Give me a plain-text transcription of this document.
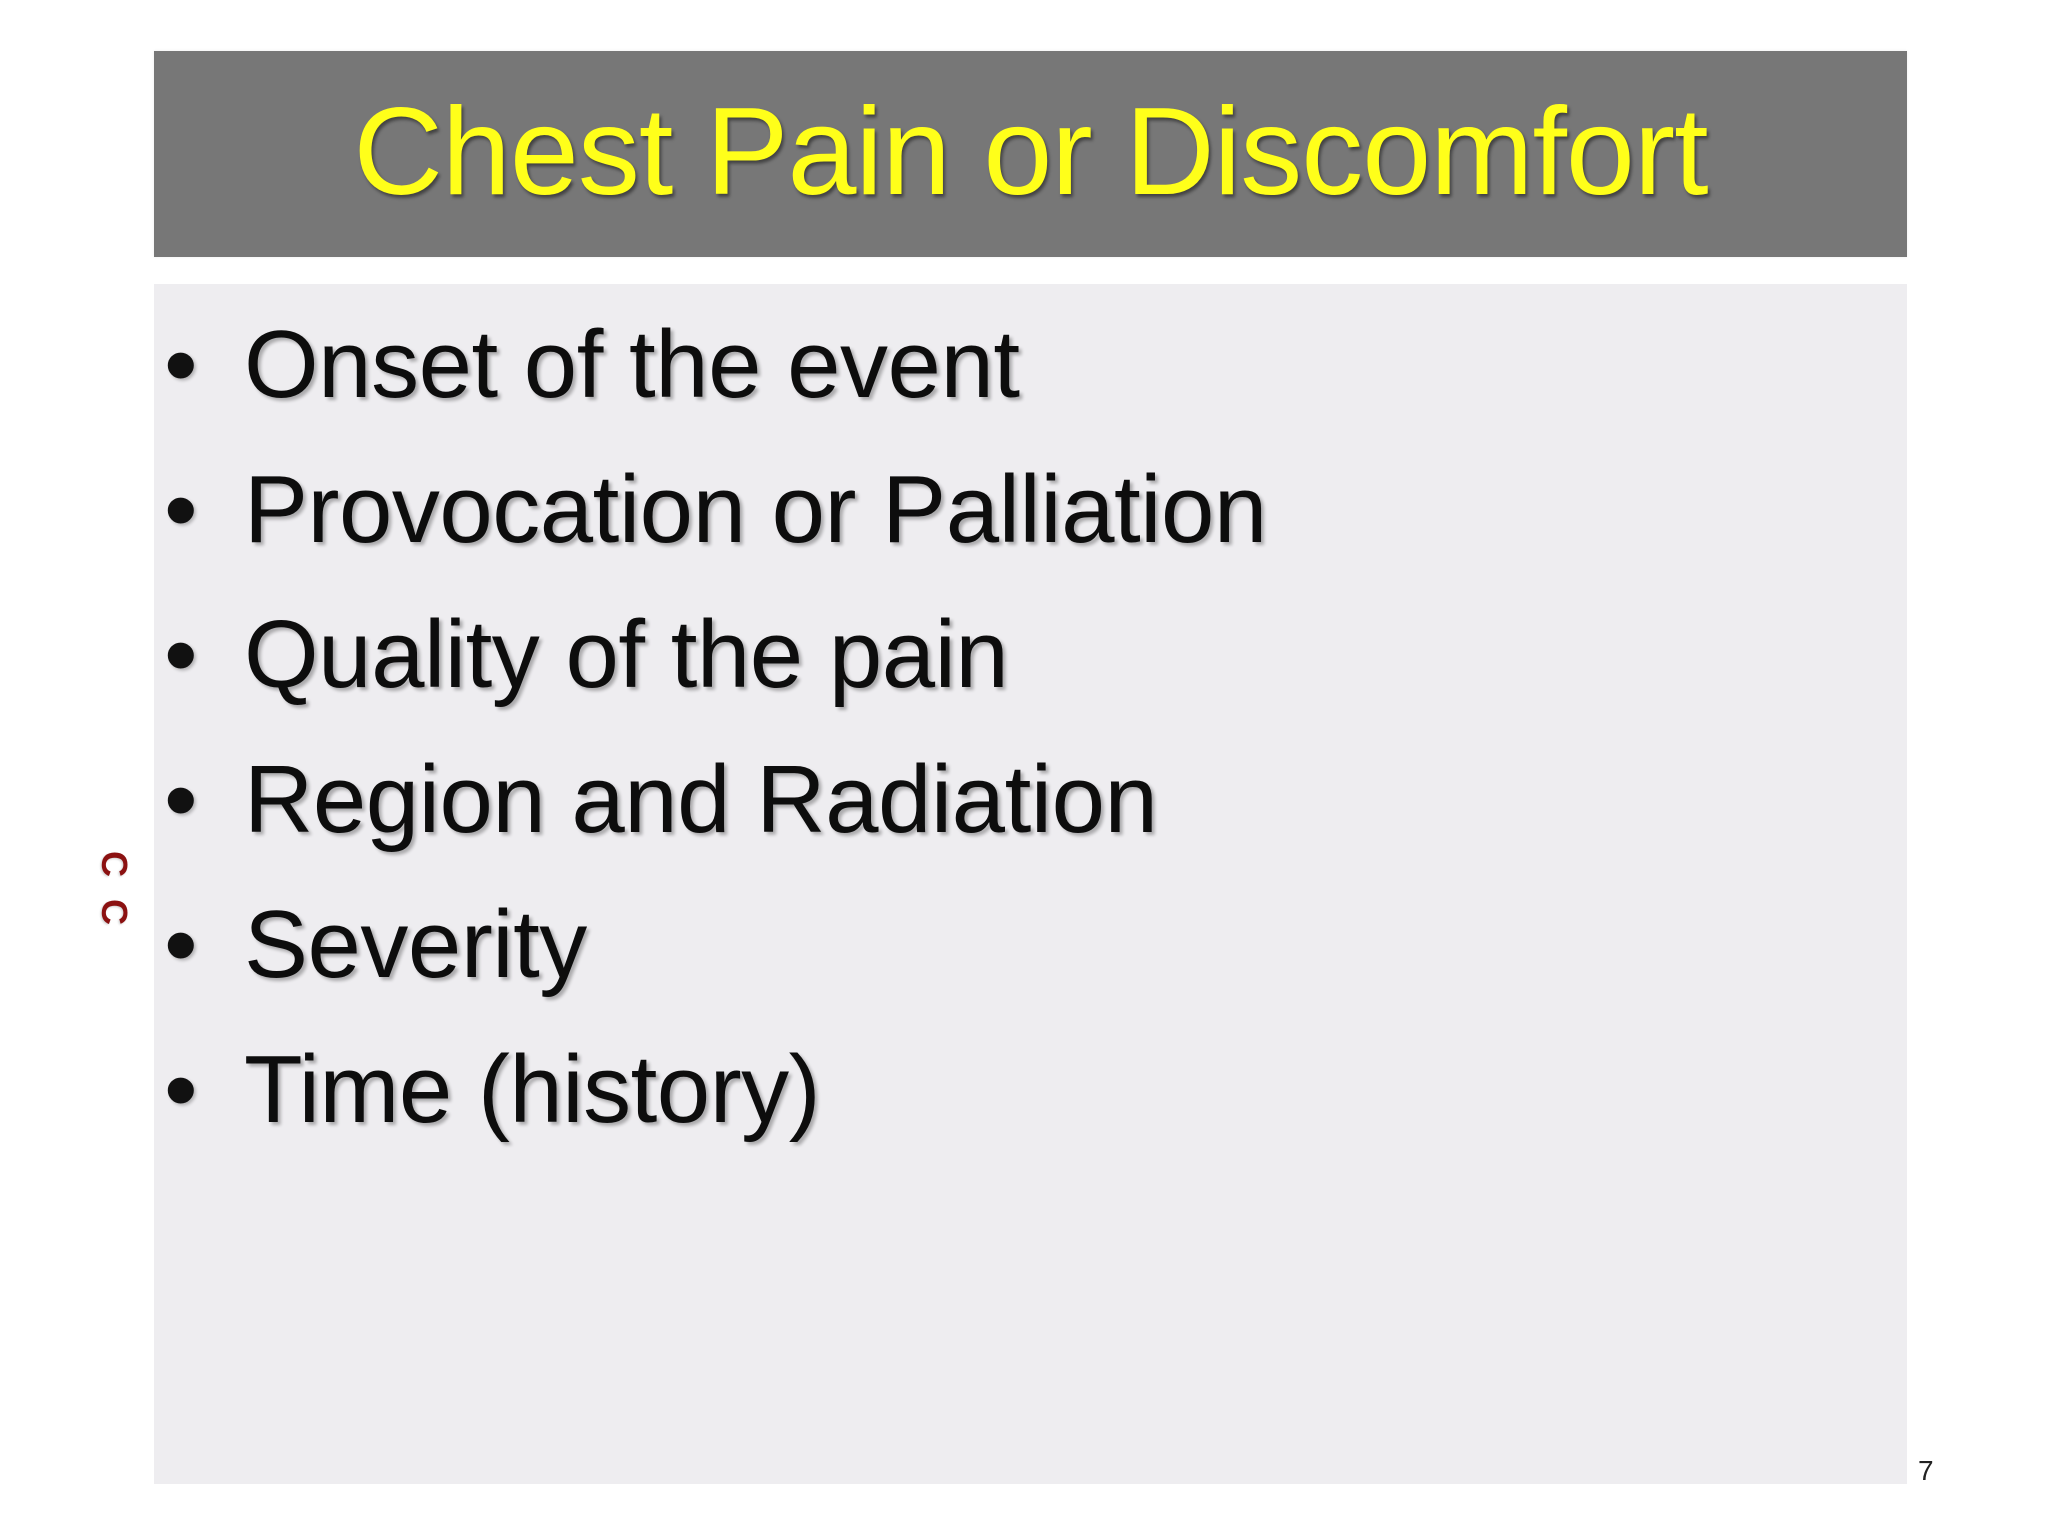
Chest Pain or Discomfort
C C
• Onset of the event
• Provocation or Palliation
• Quality of the pain
• Region and Radiation
• Severity
• Time (history)
7
